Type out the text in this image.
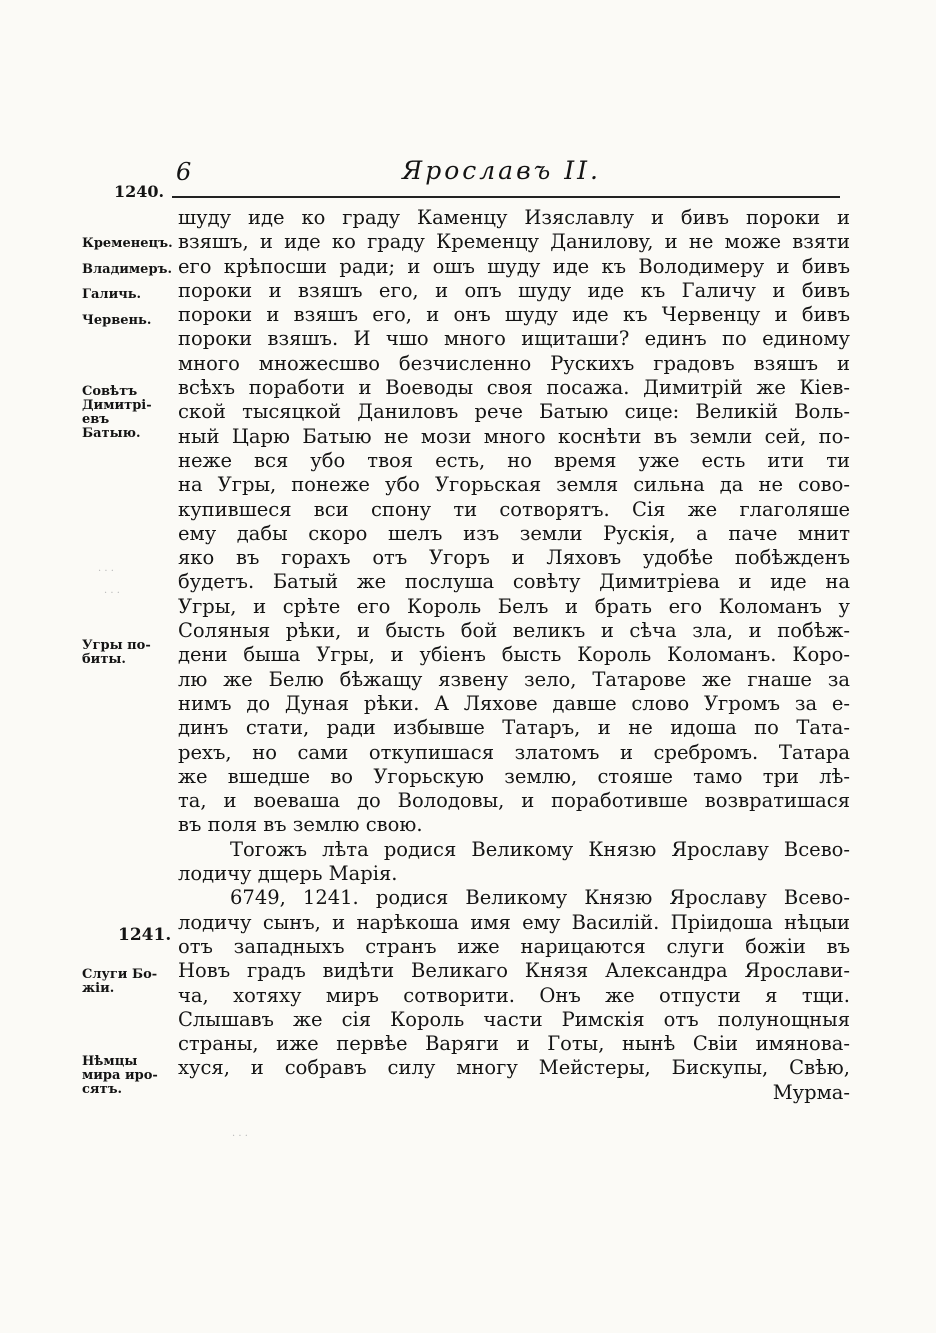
6	Ярославъ II.
1240.
Кременецъ.
Владимеръ.
Галичь.
Червень.
Совѣтъ Димитрi- евъ Батыю.
Угры по- биты.
1241.
Слуги Бо- жiи.
Нѣмцы мира иро- сятъ.
· · ·
· · ·
· · ·
шуду иде ко граду Каменцу Изяславлу и бивъ пороки и
взяшъ, и иде ко граду Кременцу Даниловy, и не може взяти
его крѣпосши ради; и ошъ шуду иде къ Володимеру и бивъ
пороки и взяшъ его, и опъ шуду иде къ Галичу и бивъ
пороки и взяшъ его, и онъ шуду иде къ Червенцу и бивъ
пороки взяшъ. И чшо много ищиташи? единъ по единому
много множесшво безчисленно Руcкихъ градовъ взяшъ и
всѣхъ поработи и Воеводы своя посажа. Димитрiй же Кiев-
ской тысяцкой Даниловъ рече Батыю сице: Великiй Воль-
ный Царю Батыю не мози много коснѣти въ земли сей, по-
неже вся убо твоя есть, но время уже есть ити ти
на Угры, понеже убо Угорьская земля сильна да не сово-
купившеся вси спону ти сотворятъ. Сiя же глаголяше
ему дабы скоро шелъ изъ земли Рускiя, а паче мнит
яко въ горахъ отъ Угоръ и Ляховъ удобѣе побѣжденъ
будетъ. Батый же послуша совѣту Димитрiева и иде на
Угры, и срѣте его Король Белъ и брать его Коломанъ у
Соляныя рѣки, и бысть бой великъ и сѣча зла, и побѣж-
дени быша Угры, и убiенъ бысть Король Коломанъ. Коро-
лю же Белю бѣжащу язвену зело, Татарове же гнаше за
нимъ до Дуная рѣки. А Ляхове давше слово Угромъ за е-
динъ стати, ради избывше Татаръ, и не идоша по Тата-
рехъ, но сами откупишася златомъ и сребромъ. Татара
же вшедше во Угорьскую землю, стояше тамо три лѣ-
та, и воеваша до Володовы, и поработивше возвратишася
въ поля въ землю свою.
Тогожъ лѣта родися Великому Князю Ярославу Всево-
лодичу дщерь Марiя.
6749, 1241. родися Великому Князю Ярославу Всево-
лодичу сынъ, и нарѣкоша имя ему Василiй. Прiидоша нѣцыи
отъ западныхъ странъ иже нарицаются слуги божiи въ
Новъ градъ видѣти Великаго Князя Александра Ярослави-
ча, хотяху миръ сотворити. Онъ же отпусти я тщи.
Слышавъ же сiя Король части Римскiя отъ полунощныя
страны, иже первѣе Варяги и Готы, нынѣ Свiи имянова-
хуся, и собравъ силу многу Мейстеры, Бискупы, Свѣю,
Мурма-
